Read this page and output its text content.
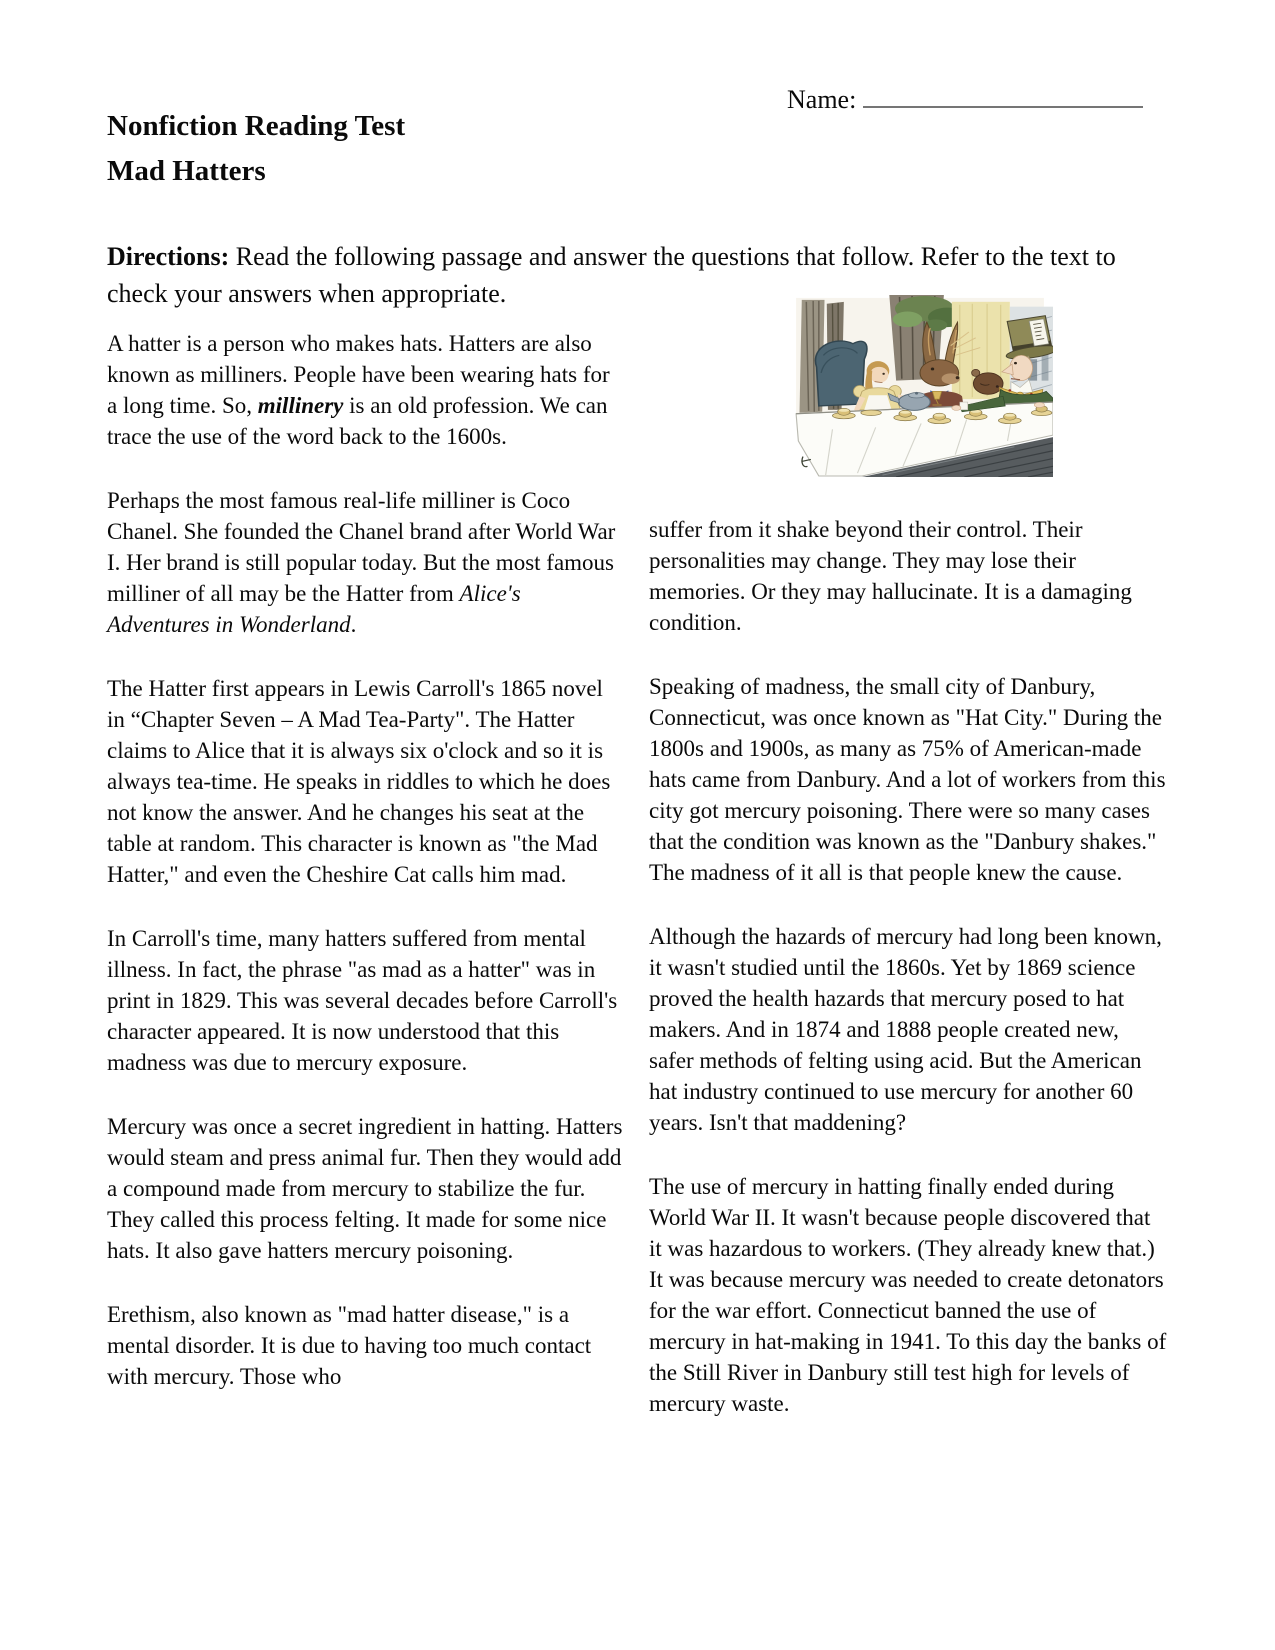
Name:
Nonfiction Reading Test
Mad Hatters

Directions: Read the following passage and answer the questions that follow. Refer to the text to check your answers when appropriate.

A hatter is a person who makes hats. Hatters are also known as milliners. People have been wearing hats for a long time. So, millinery is an old profession. We can trace the use of the word back to the 1600s.

Perhaps the most famous real-life milliner is Coco Chanel. She founded the Chanel brand after World War I. Her brand is still popular today. But the most famous milliner of all may be the Hatter from Alice's Adventures in Wonderland.

The Hatter first appears in Lewis Carroll's 1865 novel in “Chapter Seven – A Mad Tea-Party". The Hatter claims to Alice that it is always six o'clock and so it is always tea-time. He speaks in riddles to which he does not know the answer. And he changes his seat at the table at random. This character is known as "the Mad Hatter," and even the Cheshire Cat calls him mad.

In Carroll's time, many hatters suffered from mental illness. In fact, the phrase "as mad as a hatter" was in print in 1829. This was several decades before Carroll's character appeared. It is now understood that this madness was due to mercury exposure.

Mercury was once a secret ingredient in hatting. Hatters would steam and press animal fur. Then they would add a compound made from mercury to stabilize the fur. They called this process felting. It made for some nice hats. It also gave hatters mercury poisoning.

Erethism, also known as "mad hatter disease," is a mental disorder. It is due to having too much contact with mercury. Those who

suffer from it shake beyond their control. Their personalities may change. They may lose their memories. Or they may hallucinate. It is a damaging condition.

Speaking of madness, the small city of Danbury, Connecticut, was once known as "Hat City." During the 1800s and 1900s, as many as 75% of American-made hats came from Danbury. And a lot of workers from this city got mercury poisoning. There were so many cases that the condition was known as the "Danbury shakes." The madness of it all is that people knew the cause.

Although the hazards of mercury had long been known, it wasn't studied until the 1860s. Yet by 1869 science proved the health hazards that mercury posed to hat makers. And in 1874 and 1888 people created new, safer methods of felting using acid. But the American hat industry continued to use mercury for another 60 years. Isn't that maddening?

The use of mercury in hatting finally ended during World War II. It wasn't because people discovered that it was hazardous to workers. (They already knew that.) It was because mercury was needed to create detonators for the war effort. Connecticut banned the use of mercury in hat-making in 1941. To this day the banks of the Still River in Danbury still test high for levels of mercury waste.
